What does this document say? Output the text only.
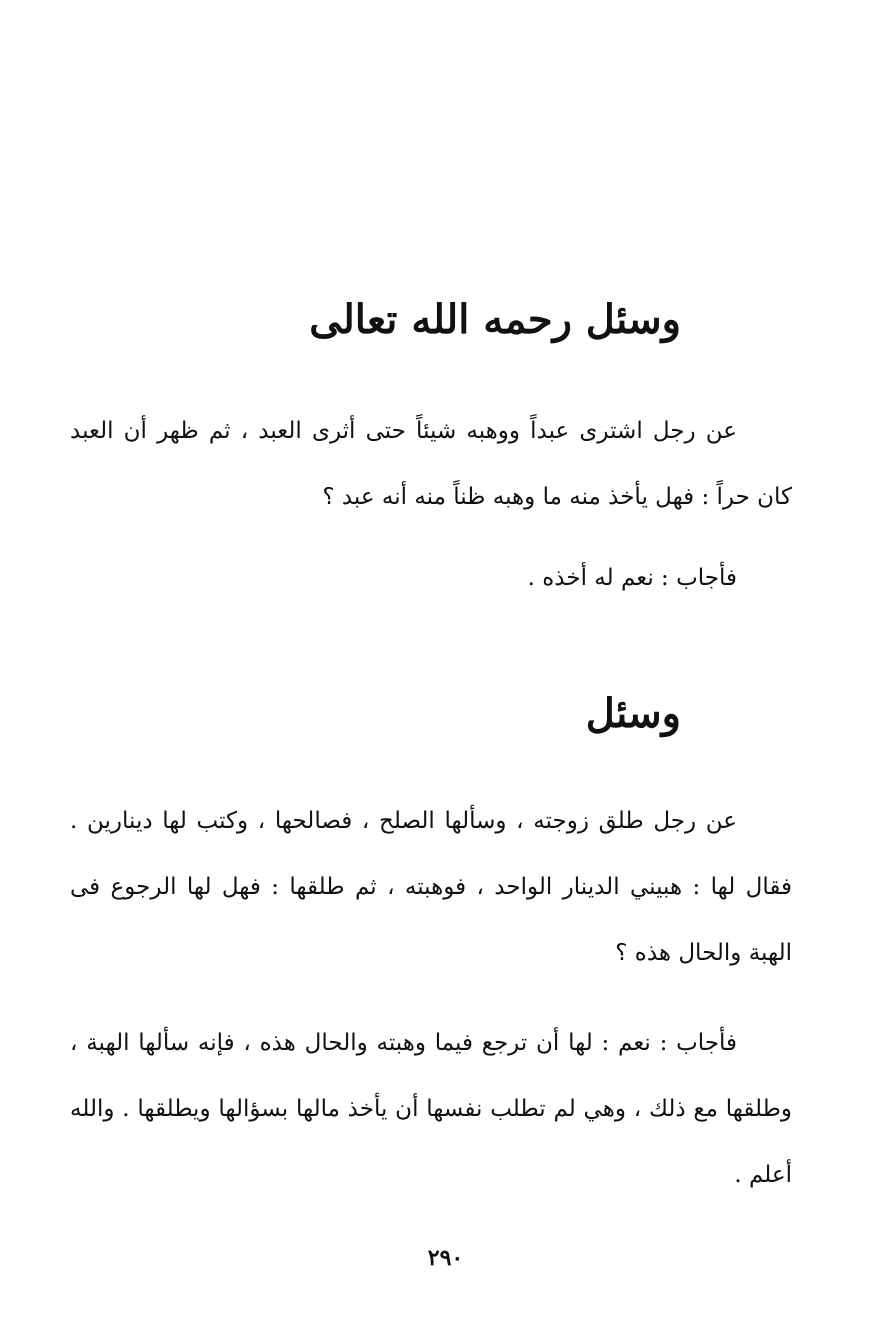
وسئل رحمه الله تعالى

عن رجل اشترى عبداً ووهبه شيئاً حتى أثرى العبد ، ثم ظهر أن العبد كان حراً : فهل يأخذ منه ما وهبه ظناً منه أنه عبد ؟

فأجاب : نعم له أخذه .

وسئل

عن رجل طلق زوجته ، وسألها الصلح ، فصالحها ، وكتب لها دينارين . فقال لها : هبيني الدينار الواحد ، فوهبته ، ثم طلقها : فهل لها الرجوع فى الهبة والحال هذه ؟

فأجاب : نعم : لها أن ترجع فيما وهبته والحال هذه ، فإنه سألها الهبة ، وطلقها مع ذلك ، وهي لم تطلب نفسها أن يأخذ مالها بسؤالها ويطلقها . والله أعلم .

٢٩٠
